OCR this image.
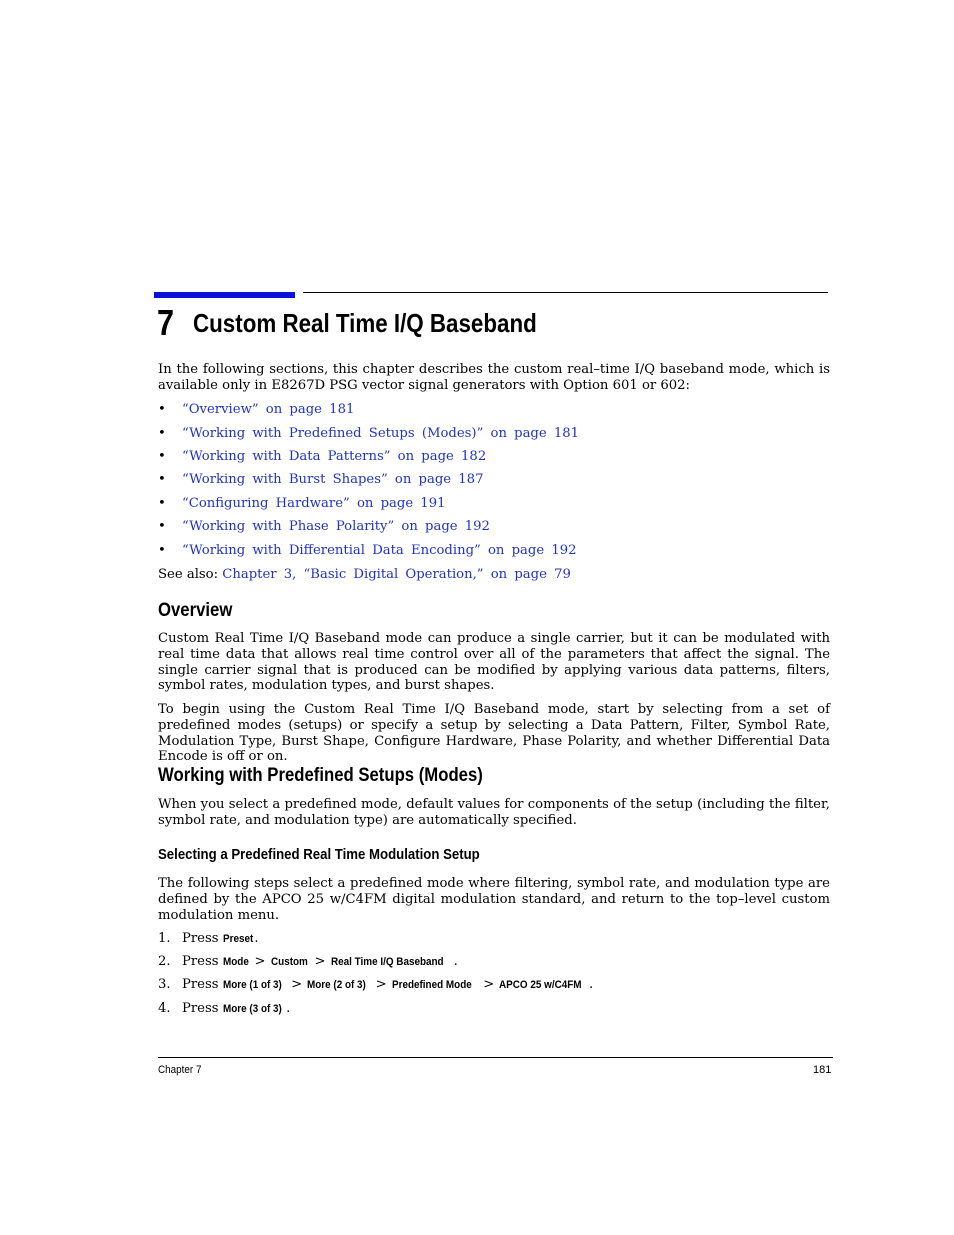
7 Custom Real Time I/Q Baseband

In the following sections, this chapter describes the custom real–time I/Q baseband mode, which is available only in E8267D PSG vector signal generators with Option 601 or 602:

• “Overview” on page 181
• “Working with Predefined Setups (Modes)” on page 181
• “Working with Data Patterns” on page 182
• “Working with Burst Shapes” on page 187
• “Configuring Hardware” on page 191
• “Working with Phase Polarity” on page 192
• “Working with Differential Data Encoding” on page 192
See also: Chapter 3, “Basic Digital Operation,” on page 79
Overview

Custom Real Time I/Q Baseband mode can produce a single carrier, but it can be modulated with real time data that allows real time control over all of the parameters that affect the signal. The single carrier signal that is produced can be modified by applying various data patterns, filters, symbol rates, modulation types, and burst shapes.

To begin using the Custom Real Time I/Q Baseband mode, start by selecting from a set of predefined modes (setups) or specify a setup by selecting a Data Pattern, Filter, Symbol Rate, Modulation Type, Burst Shape, Configure Hardware, Phase Polarity, and whether Differential Data Encode is off or on.

Working with Predefined Setups (Modes)

When you select a predefined mode, default values for components of the setup (including the filter, symbol rate, and modulation type) are automatically specified.

Selecting a Predefined Real Time Modulation Setup

The following steps select a predefined mode where filtering, symbol rate, and modulation type are defined by the APCO 25 w/C4FM digital modulation standard, and return to the top–level custom modulation menu.

1. Press Preset.
2. Press Mode > Custom > Real Time I/Q Baseband .
3. Press More (1 of 3) > More (2 of 3) > Predefined Mode > APCO 25 w/C4FM .
4. Press More (3 of 3) .
Chapter 7	181
